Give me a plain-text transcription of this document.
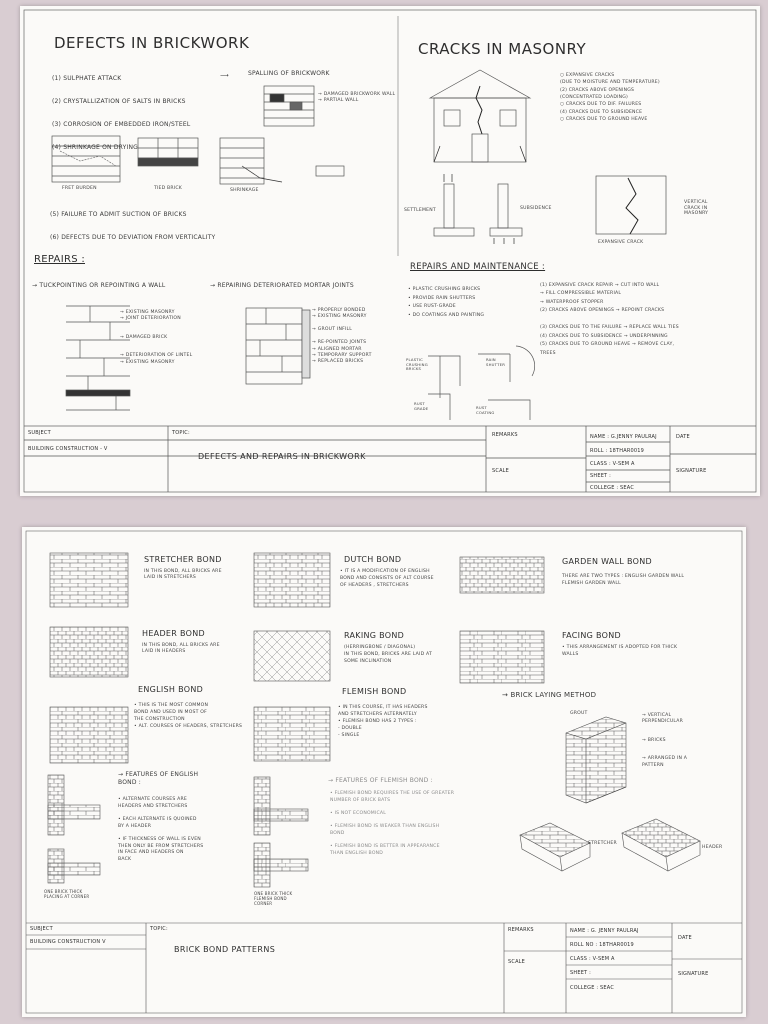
DEFECTS IN BRICKWORK

(1) SULPHATE ATTACK

(2) CRYSTALLIZATION OF SALTS IN BRICKS

(3) CORROSION OF EMBEDDED IRON/STEEL

(4) SHRINKAGE ON DRYING

⟶	SPALLING OF BRICKWORK
→ DAMAGED BRICKWORK WALL
→ PARTIAL WALL
FRET BURDEN	TIED BRICK	SHRINKAGE

(5) FAILURE TO ADMIT SUCTION OF BRICKS

(6) DEFECTS DUE TO DEVIATION FROM VERTICALITY

CRACKS IN MASONRY
○ EXPANSIVE CRACKS
(DUE TO MOISTURE AND TEMPERATURE)
(2) CRACKS ABOVE OPENINGS
(CONCENTRATED LOADING)
○ CRACKS DUE TO DIF. FAILURES
(4) CRACKS DUE TO SUBSIDENCE
○ CRACKS DUE TO GROUND HEAVE
SETTLEMENT	SUBSIDENCE
VERTICAL
CRACK IN
MASONRY
EXPANSIVE CRACK
REPAIRS :
→ TUCKPOINTING OR REPOINTING A WALL	→ REPAIRING DETERIORATED MORTAR JOINTS
→ EXISTING MASONRY
→ JOINT DETERIORATION

→ DAMAGED BRICK

→ DETERIORATION OF LINTEL
→ EXISTING MASONRY
→ PROPERLY BONDED
→ EXISTING MASONRY

→ GROUT INFILL

→ RE-POINTED JOINTS
→ ALIGNED MORTAR
→ TEMPORARY SUPPORT
→ REPLACED BRICKS
REPAIRS AND MAINTENANCE :
• PLASTIC CRUSHING BRICKS
• PROVIDE RAIN SHUTTERS
• USE RUST-GRADE
• DO COATINGS AND PAINTING
(1) EXPANSIVE CRACK REPAIR → CUT INTO WALL
→ FILL COMPRESSIBLE MATERIAL
→ WATERPROOF STOPPER
(2) CRACKS ABOVE OPENINGS → REPOINT CRACKS

(3) CRACKS DUE TO THE FAILURE → REPLACE WALL TIES
(4) CRACKS DUE TO SUBSIDENCE → UNDERPINNING
(5) CRACKS DUE TO GROUND HEAVE → REMOVE CLAY,
TREES
PLASTIC
CRUSHING
BRICKS
RAIN
SHUTTER
RUST
GRADE	RUST
COATING
SUBJECT
BUILDING CONSTRUCTION - V
TOPIC:
DEFECTS AND REPAIRS IN BRICKWORK
REMARKS
SCALE
NAME : G.JENNY PAULRAJ
ROLL : 18THAR0019
CLASS : V-SEM A
SHEET :
COLLEGE : SEAC
DATE
SIGNATURE
STRETCHER BOND
IN THIS BOND, ALL BRICKS ARE
LAID IN STRETCHERS
HEADER BOND
IN THIS BOND, ALL BRICKS ARE
LAID IN HEADERS
ENGLISH BOND
• THIS IS THE MOST COMMON
BOND AND USED IN MOST OF
THE CONSTRUCTION
• ALT. COURSES OF HEADERS, STRETCHERS
DUTCH BOND
• IT IS A MODIFICATION OF ENGLISH
BOND AND CONSISTS OF ALT COURSE
OF HEADERS , STRETCHERS
RAKING BOND
(HERRINGBONE / DIAGONAL)
IN THIS BOND, BRICKS ARE LAID AT
SOME INCLINATION
FLEMISH BOND
• IN THIS COURSE, IT HAS HEADERS
AND STRETCHERS ALTERNATELY
• FLEMISH BOND HAS 2 TYPES :
- DOUBLE
- SINGLE
GARDEN WALL BOND
THERE ARE TWO TYPES : ENGLISH GARDEN WALL
FLEMISH GARDEN WALL
FACING BOND
• THIS ARRANGEMENT IS ADOPTED FOR THICK
WALLS
→ FEATURES OF ENGLISH
BOND :
• ALTERNATE COURSES ARE
HEADERS AND STRETCHERS

• EACH ALTERNATE IS QUOINED
BY A HEADER

• IF THICKNESS OF WALL IS EVEN
THEN ONLY BE FROM STRETCHERS
IN FACE AND HEADERS ON
BACK
→ FEATURES OF FLEMISH BOND :
• FLEMISH BOND REQUIRES THE USE OF GREATER
NUMBER OF BRICK BATS

• IS NOT ECONOMICAL

• FLEMISH BOND IS WEAKER THAN ENGLISH
BOND

• FLEMISH BOND IS BETTER IN APPEARANCE
THAN ENGLISH BOND
ONE BRICK THICK
PLACING AT CORNER
ONE BRICK THICK
FLEMISH BOND
CORNER
→ BRICK LAYING METHOD
GROUT	→ VERTICAL
PERPENDICULAR

→ BRICKS

→ ARRANGED IN A
PATTERN
STRETCHER
HEADER
SUBJECT
BUILDING CONSTRUCTION V
TOPIC:
BRICK BOND PATTERNS
REMARKS
SCALE
NAME : G. JENNY PAULRAJ
ROLL NO : 18THAR0019
CLASS : V-SEM A
SHEET :
COLLEGE : SEAC
DATE
SIGNATURE
